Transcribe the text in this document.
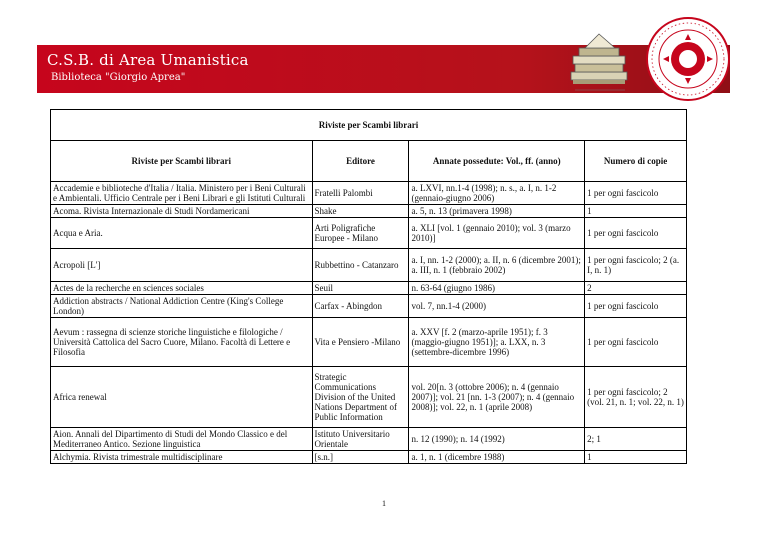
C.S.B. di Area Umanistica
Biblioteca "Giorgio Aprea"
Riviste per Scambi librari			
Riviste per Scambi librari	Editore	Annate possedute: Vol., ff. (anno)	Numero di copie
Accademie e biblioteche d'Italia / Italia. Ministero per i Beni Culturali e Ambientali. Ufficio Centrale per i Beni Librari e gli Istituti Culturali	Fratelli Palombi	a. LXVI, nn.1-4 (1998); n. s., a. I, n. 1-2 (gennaio-giugno 2006)	1 per ogni fascicolo
Acoma. Rivista Internazionale di Studi Nordamericani	Shake	a. 5, n. 13 (primavera 1998)	1
Acqua e Aria.	Arti Poligrafiche Europee - Milano	a. XLI [vol. 1 (gennaio 2010); vol. 3 (marzo 2010)]	1 per ogni fascicolo
Acropoli [L']	Rubbettino - Catanzaro	a. I, nn. 1-2 (2000); a. II, n. 6 (dicembre 2001); a. III, n. 1 (febbraio 2002)	1 per ogni fascicolo; 2 (a. I, n. 1)
Actes de la recherche en sciences sociales	Seuil	n. 63-64 (giugno 1986)	2
Addiction abstracts / National Addiction Centre (King's College London)	Carfax - Abingdon	vol. 7, nn.1-4 (2000)	1 per ogni fascicolo
Aevum : rassegna di scienze storiche linguistiche e filologiche / Università Cattolica del Sacro Cuore, Milano. Facoltà di Lettere e Filosofia	Vita e Pensiero -Milano	a. XXV [f. 2 (marzo-aprile 1951); f. 3 (maggio-giugno 1951)]; a. LXX, n. 3 (settembre-dicembre 1996)	1 per ogni fascicolo
Africa renewal	Strategic Communications Division of the United Nations Department of Public Information	vol. 20[n. 3 (ottobre 2006); n. 4 (gennaio 2007)]; vol. 21 [nn. 1-3 (2007); n. 4 (gennaio 2008)]; vol. 22, n. 1 (aprile 2008)	1 per ogni fascicolo; 2 (vol. 21, n. 1; vol. 22, n. 1)
Aion. Annali del Dipartimento di Studi del Mondo Classico e del Mediterraneo Antico. Sezione linguistica	Istituto Universitario Orientale	n. 12 (1990); n. 14 (1992)	2; 1
Alchymia. Rivista trimestrale multidisciplinare	[s.n.]	a. 1, n. 1 (dicembre 1988)	1
1
